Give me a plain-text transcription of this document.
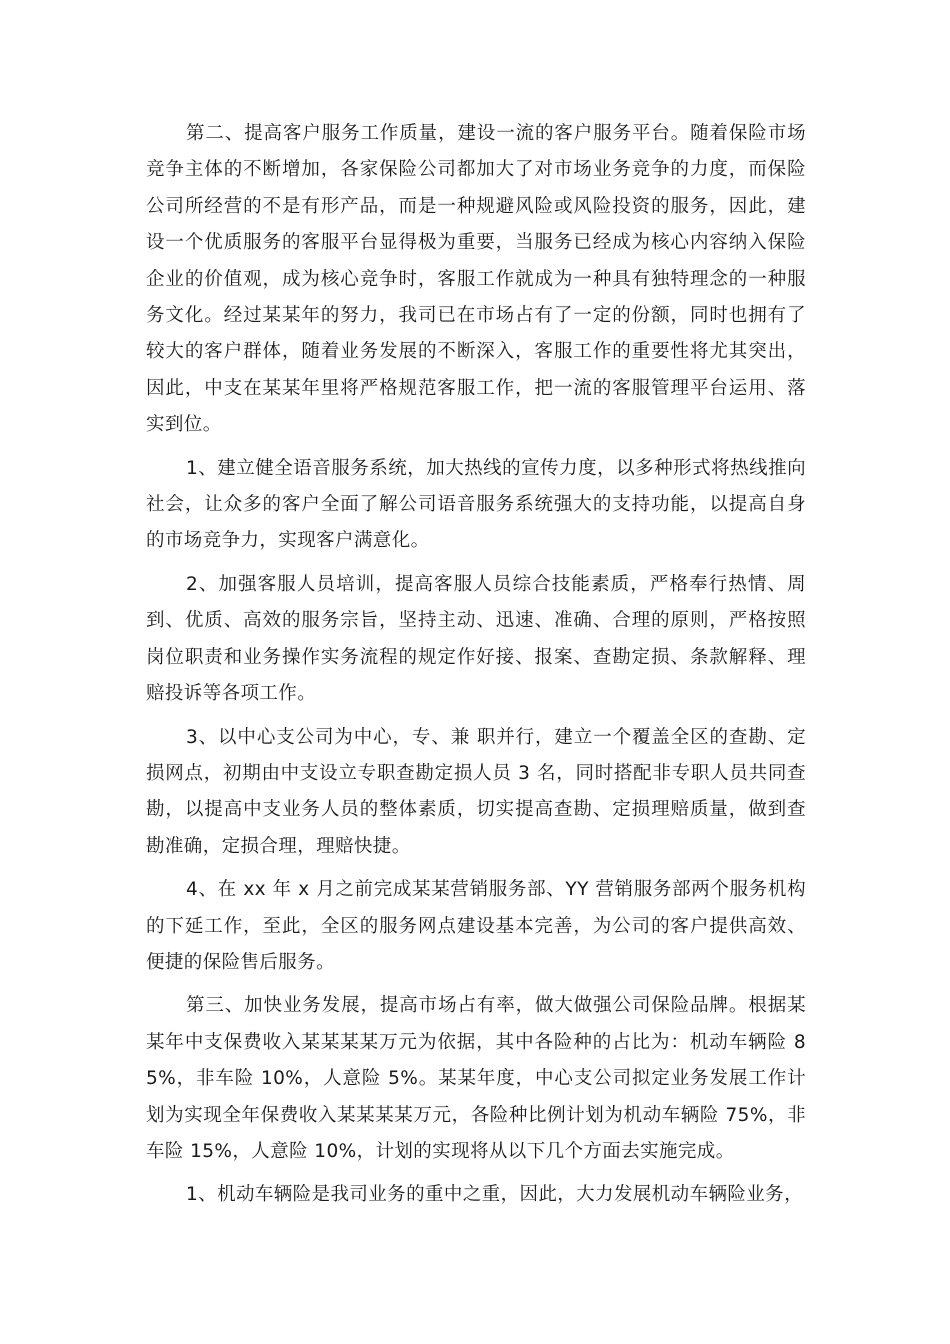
第二、提高客户服务工作质量，建设一流的客户服务平台。随着保险市场竞争主体的不断增加，各家保险公司都加大了对市场业务竞争的力度，而保险公司所经营的不是有形产品，而是一种规避风险或风险投资的服务，因此，建设一个优质服务的客服平台显得极为重要，当服务已经成为核心内容纳入保险企业的价值观，成为核心竞争时，客服工作就成为一种具有独特理念的一种服务文化。经过某某年的努力，我司已在市场占有了一定的份额，同时也拥有了较大的客户群体，随着业务发展的不断深入，客服工作的重要性将尤其突出，因此，中支在某某年里将严格规范客服工作，把一流的客服管理平台运用、落实到位。

1、建立健全语音服务系统，加大热线的宣传力度，以多种形式将热线推向社会，让众多的客户全面了解公司语音服务系统强大的支持功能，以提高自身的市场竞争力，实现客户满意化。

2、加强客服人员培训，提高客服人员综合技能素质，严格奉行热情、周到、优质、高效的服务宗旨，坚持主动、迅速、准确、合理的原则，严格按照岗位职责和业务操作实务流程的规定作好接、报案、查勘定损、条款解释、理赔投诉等各项工作。

3、以中心支公司为中心，专、兼 职并行，建立一个覆盖全区的查勘、定损网点，初期由中支设立专职查勘定损人员 3 名，同时搭配非专职人员共同查勘，以提高中支业务人员的整体素质，切实提高查勘、定损理赔质量，做到查勘准确，定损合理，理赔快捷。

4、在 xx 年 x 月之前完成某某营销服务部、YY 营销服务部两个服务机构的下延工作，至此，全区的服务网点建设基本完善，为公司的客户提供高效、便捷的保险售后服务。

第三、加快业务发展，提高市场占有率，做大做强公司保险品牌。根据某某年中支保费收入某某某某万元为依据，其中各险种的占比为：机动车辆险 85%，非车险 10%，人意险 5%。某某年度，中心支公司拟定业务发展工作计划为实现全年保费收入某某某某万元，各险种比例计划为机动车辆险 75%，非车险 15%，人意险 10%，计划的实现将从以下几个方面去实施完成。

1、机动车辆险是我司业务的重中之重，因此，大力发展机动车辆险业务，
